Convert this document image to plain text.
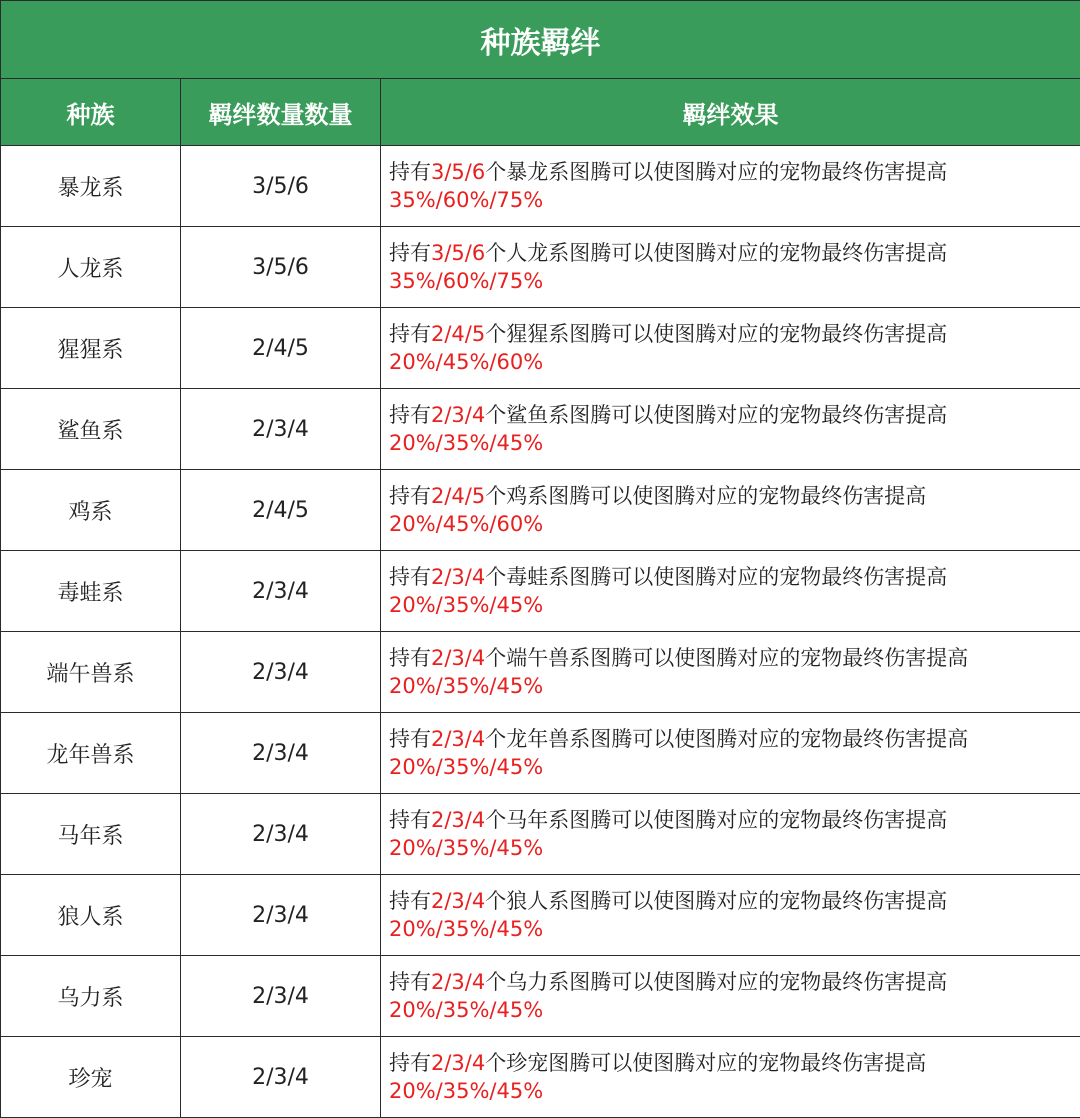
种族羁绊		
种族	羁绊数量数量	羁绊效果
暴龙系	3/5/6	持有3/5/6个暴龙系图腾可以使图腾对应的宠物最终伤害提高
35%/60%/75%

人龙系	3/5/6	持有3/5/6个人龙系图腾可以使图腾对应的宠物最终伤害提高
35%/60%/75%

猩猩系	2/4/5	持有2/4/5个猩猩系图腾可以使图腾对应的宠物最终伤害提高
20%/45%/60%

鲨鱼系	2/3/4	持有2/3/4个鲨鱼系图腾可以使图腾对应的宠物最终伤害提高
20%/35%/45%

鸡系	2/4/5	持有2/4/5个鸡系图腾可以使图腾对应的宠物最终伤害提高
20%/45%/60%

毒蛙系	2/3/4	持有2/3/4个毒蛙系图腾可以使图腾对应的宠物最终伤害提高
20%/35%/45%

端午兽系	2/3/4	持有2/3/4个端午兽系图腾可以使图腾对应的宠物最终伤害提高
20%/35%/45%

龙年兽系	2/3/4	持有2/3/4个龙年兽系图腾可以使图腾对应的宠物最终伤害提高
20%/35%/45%

马年系	2/3/4	持有2/3/4个马年系图腾可以使图腾对应的宠物最终伤害提高
20%/35%/45%

狼人系	2/3/4	持有2/3/4个狼人系图腾可以使图腾对应的宠物最终伤害提高
20%/35%/45%

乌力系	2/3/4	持有2/3/4个乌力系图腾可以使图腾对应的宠物最终伤害提高
20%/35%/45%

珍宠	2/3/4	持有2/3/4个珍宠图腾可以使图腾对应的宠物最终伤害提高
20%/35%/45%
